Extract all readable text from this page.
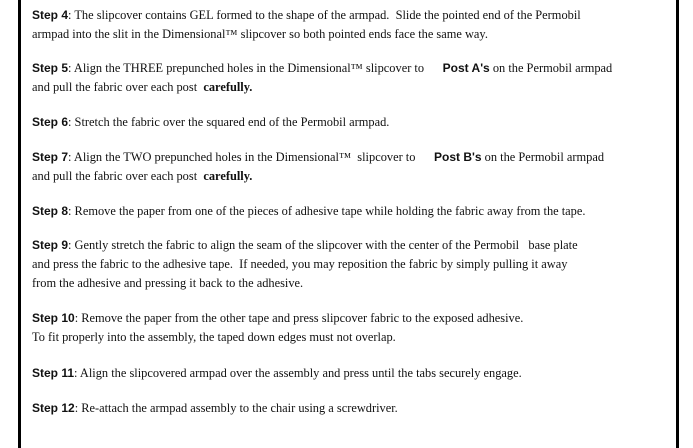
Step 4: The slipcover contains GEL formed to the shape of the armpad.  Slide the pointed end of the Permobil
armpad into the slit in the Dimensional™ slipcover so both pointed ends face the same way.
Step 5: Align the THREE prepunched holes in the Dimensional™ slipcover to      Post A's on the Permobil armpad
and pull the fabric over each post  carefully.
Step 6: Stretch the fabric over the squared end of the Permobil armpad.
Step 7: Align the TWO prepunched holes in the Dimensional™  slipcover to      Post B's on the Permobil armpad
and pull the fabric over each post  carefully.
Step 8: Remove the paper from one of the pieces of adhesive tape while holding the fabric away from the tape.
Step 9: Gently stretch the fabric to align the seam of the slipcover with the center of the Permobil   base plate
and press the fabric to the adhesive tape.  If needed, you may reposition the fabric by simply pulling it away
from the adhesive and pressing it back to the adhesive.
Step 10: Remove the paper from the other tape and press slipcover fabric to the exposed adhesive.
To fit properly into the assembly, the taped down edges must not overlap.
Step 11: Align the slipcovered armpad over the assembly and press until the tabs securely engage.
Step 12: Re-attach the armpad assembly to the chair using a screwdriver.
